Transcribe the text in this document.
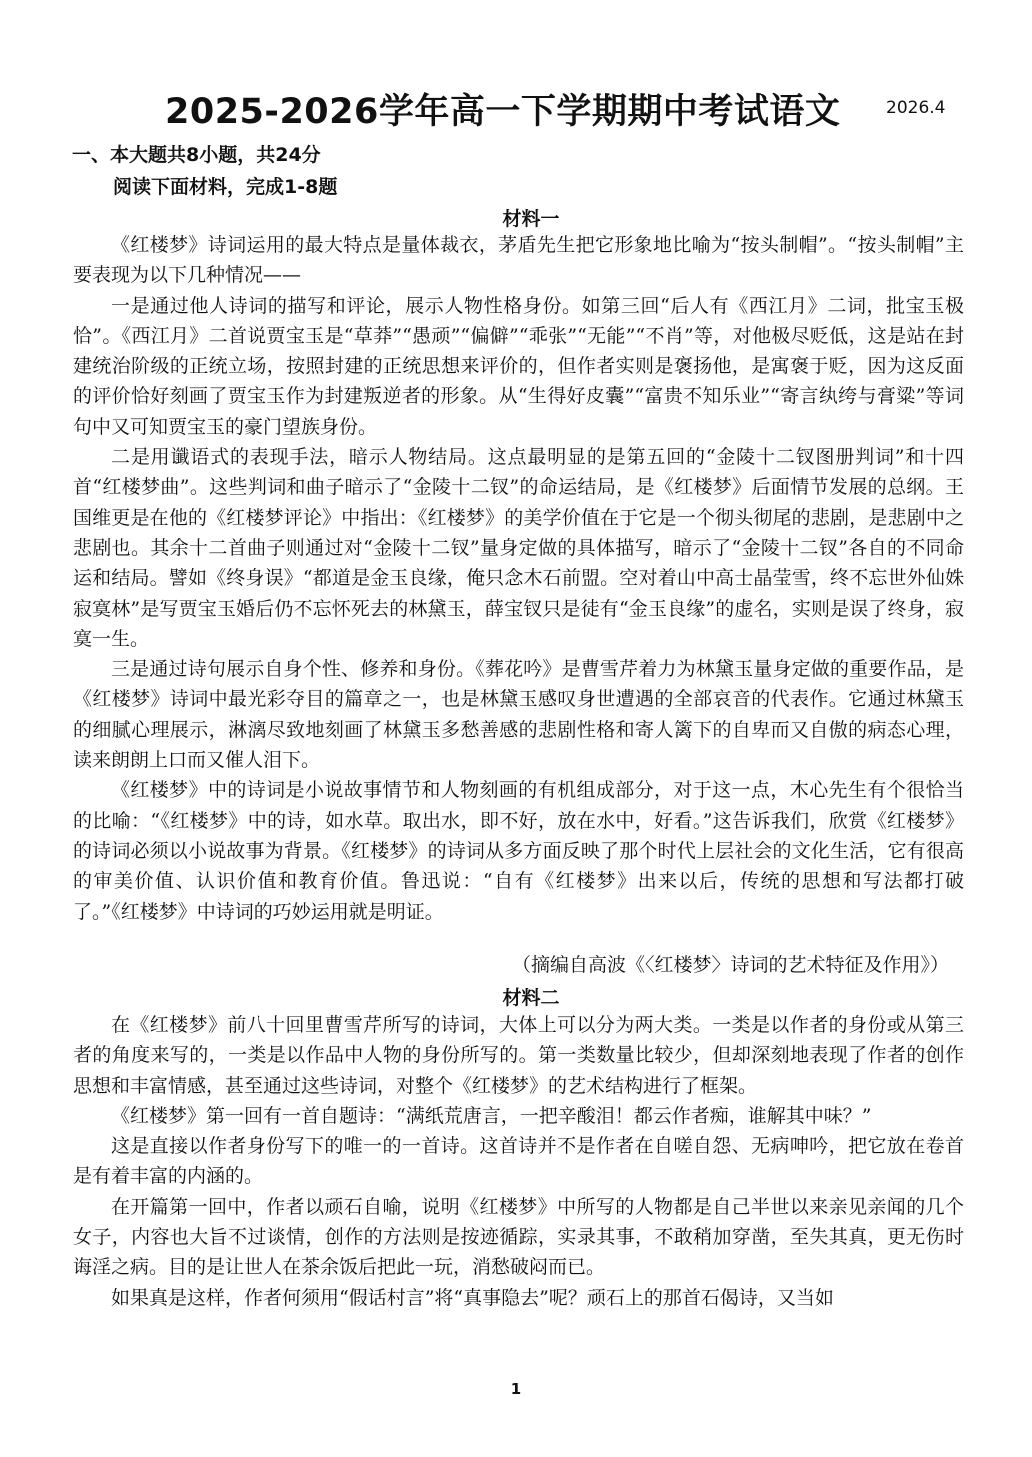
2025-2026学年高一下学期期中考试语文	2026.4
一、本大题共8小题，共24分
阅读下面材料，完成1-8题
材料一

《红楼梦》诗词运用的最大特点是量体裁衣，茅盾先生把它形象地比喻为“按头制帽”。“按头制帽”主要表现为以下几种情况——

一是通过他人诗词的描写和评论，展示人物性格身份。如第三回“后人有《西江月》二词，批宝玉极恰”。《西江月》二首说贾宝玉是“草莽”“愚顽”“偏僻”“乖张”“无能”“不肖”等，对他极尽贬低，这是站在封建统治阶级的正统立场，按照封建的正统思想来评价的，但作者实则是褒扬他，是寓褒于贬，因为这反面的评价恰好刻画了贾宝玉作为封建叛逆者的形象。从“生得好皮囊”“富贵不知乐业”“寄言纨绔与膏粱”等词句中又可知贾宝玉的豪门望族身份。

二是用谶语式的表现手法，暗示人物结局。这点最明显的是第五回的“金陵十二钗图册判词”和十四首“红楼梦曲”。这些判词和曲子暗示了“金陵十二钗”的命运结局，是《红楼梦》后面情节发展的总纲。王国维更是在他的《红楼梦评论》中指出：《红楼梦》的美学价值在于它是一个彻头彻尾的悲剧，是悲剧中之悲剧也。其余十二首曲子则通过对“金陵十二钗”量身定做的具体描写，暗示了“金陵十二钗”各自的不同命运和结局。譬如《终身误》“都道是金玉良缘，俺只念木石前盟。空对着山中高士晶莹雪，终不忘世外仙姝寂寞林”是写贾宝玉婚后仍不忘怀死去的林黛玉，薛宝钗只是徒有“金玉良缘”的虚名，实则是误了终身，寂寞一生。

三是通过诗句展示自身个性、修养和身份。《葬花吟》是曹雪芹着力为林黛玉量身定做的重要作品，是《红楼梦》诗词中最光彩夺目的篇章之一，也是林黛玉感叹身世遭遇的全部哀音的代表作。它通过林黛玉的细腻心理展示，淋漓尽致地刻画了林黛玉多愁善感的悲剧性格和寄人篱下的自卑而又自傲的病态心理，读来朗朗上口而又催人泪下。

《红楼梦》中的诗词是小说故事情节和人物刻画的有机组成部分，对于这一点，木心先生有个很恰当的比喻：“《红楼梦》中的诗，如水草。取出水，即不好，放在水中，好看。”这告诉我们，欣赏《红楼梦》的诗词必须以小说故事为背景。《红楼梦》的诗词从多方面反映了那个时代上层社会的文化生活，它有很高的审美价值、认识价值和教育价值。鲁迅说：“自有《红楼梦》出来以后，传统的思想和写法都打破了。”《红楼梦》中诗词的巧妙运用就是明证。

（摘编自高波《〈红楼梦〉诗词的艺术特征及作用》）
材料二

在《红楼梦》前八十回里曹雪芹所写的诗词，大体上可以分为两大类。一类是以作者的身份或从第三者的角度来写的，一类是以作品中人物的身份所写的。第一类数量比较少，但却深刻地表现了作者的创作思想和丰富情感，甚至通过这些诗词，对整个《红楼梦》的艺术结构进行了框架。

《红楼梦》第一回有一首自题诗：“满纸荒唐言，一把辛酸泪！都云作者痴，谁解其中味？”

这是直接以作者身份写下的唯一的一首诗。这首诗并不是作者在自嗟自怨、无病呻吟，把它放在卷首是有着丰富的内涵的。

在开篇第一回中，作者以顽石自喻，说明《红楼梦》中所写的人物都是自己半世以来亲见亲闻的几个女子，内容也大旨不过谈情，创作的方法则是按迹循踪，实录其事，不敢稍加穿凿，至失其真，更无伤时诲淫之病。目的是让世人在茶余饭后把此一玩，消愁破闷而已。

如果真是这样，作者何须用“假话村言”将“真事隐去”呢？顽石上的那首石偈诗，又当如

1
